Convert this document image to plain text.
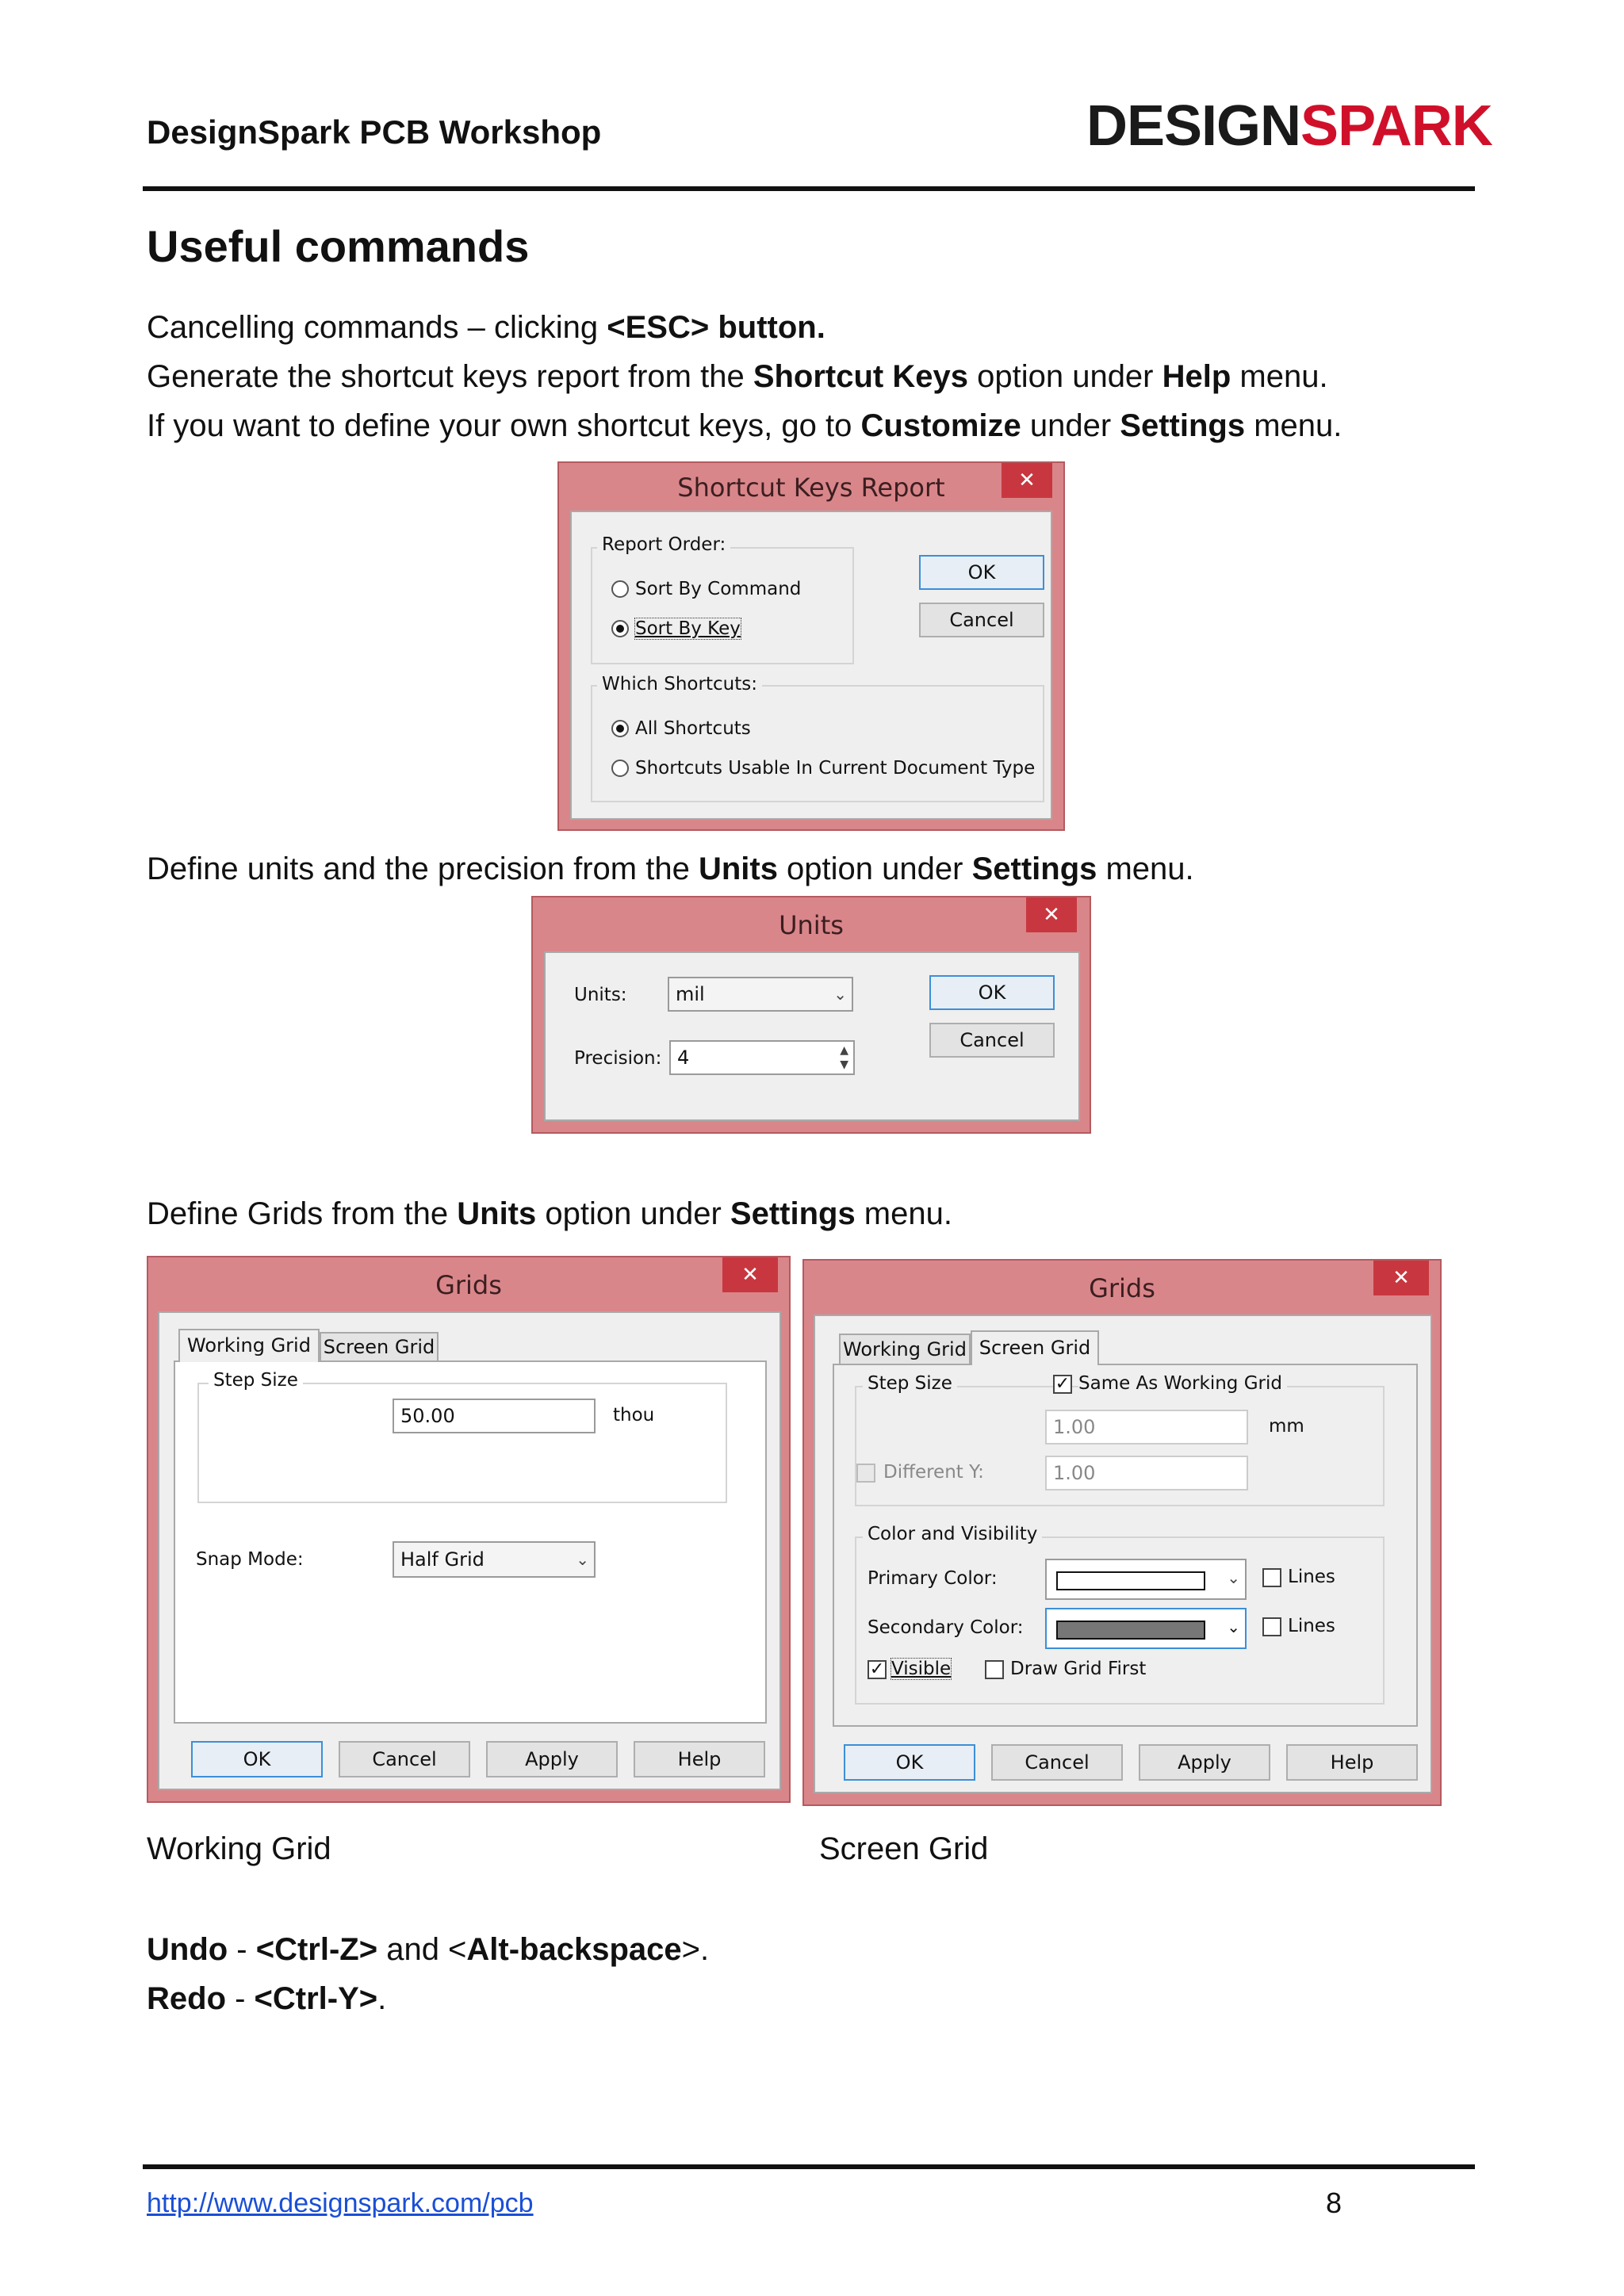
DesignSpark PCB Workshop	DESIGNSPARK
Useful commands
Cancelling commands – clicking <ESC> button.
Generate the shortcut keys report from the Shortcut Keys option under Help menu.
If you want to define your own shortcut keys, go to Customize under Settings menu.
Shortcut Keys Report	✕
Report Order:
Sort By Command
Sort By Key
OK
Cancel
Which Shortcuts:
All Shortcuts
Shortcuts Usable In Current Document Type
Define units and the precision from the Units option under Settings menu.
Units	✕
Units:	mil	⌄
Precision: 4	▲
▼
OK
Cancel
Define Grids from the Units option under Settings menu.
Grids	✕
Working Grid Screen Grid
Step Size
50.00	thou
Snap Mode:	Half Grid	⌄
OK	Cancel	Apply	Help
Grids	✕
Working Grid Screen Grid
Step Size	✓ Same As Working Grid
1.00	mm
Different Y:	1.00
Color and Visibility
Primary Color:	⌄	Lines
Secondary Color:	⌄	Lines
✓ Visible	Draw Grid First
OK	Cancel	Apply	Help
Working Grid	Screen Grid
Undo - <Ctrl-Z> and <Alt-backspace>.
Redo - <Ctrl-Y>.
http://www.designspark.com/pcb	8
